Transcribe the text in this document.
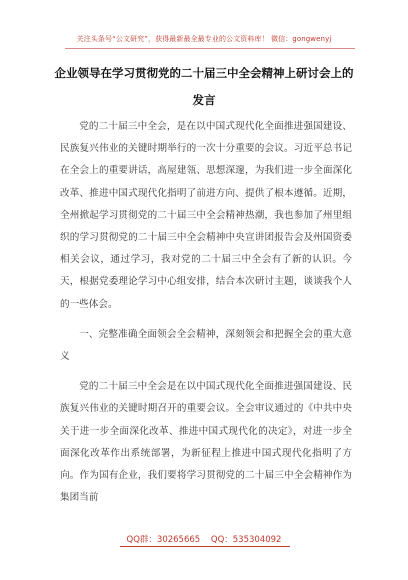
关注头条号“公文研究”，获得最新最全最专业的公文资料库！ 微信：gongwenyj
企业领导在学习贯彻党的二十届三中全会精神上研讨会上的发言

党的二十届三中全会，是在以中国式现代化全面推进强国建设、民族复兴伟业的关键时期举行的一次十分重要的会议。习近平总书记在全会上的重要讲话，高屋建瓴、思想深邃，为我们进一步全面深化改革、推进中国式现代化指明了前进方向、提供了根本遵循。近期，全州掀起学习贯彻党的二十届三中全会精神热潮，我也参加了州里组织的学习贯彻党的二十届三中全会精神中央宣讲团报告会及州国资委相关会议，通过学习，我对党的二十届三中全会有了新的认识。今天，根据党委理论学习中心组安排，结合本次研讨主题，谈谈我个人的一些体会。

一、完整准确全面领会全会精神，深刻领会和把握全会的重大意义

党的二十届三中全会是在以中国式现代化全面推进强国建设、民族复兴伟业的关键时期召开的重要会议。全会审议通过的《中共中央关于进一步全面深化改革、推进中国式现代化的决定》，对进一步全面深化改革作出系统部署，为新征程上推进中国式现代化指明了方向。作为国有企业，我们要将学习贯彻党的二十届三中全会精神作为集团当前

QQ群：30265665 QQ：535304092
